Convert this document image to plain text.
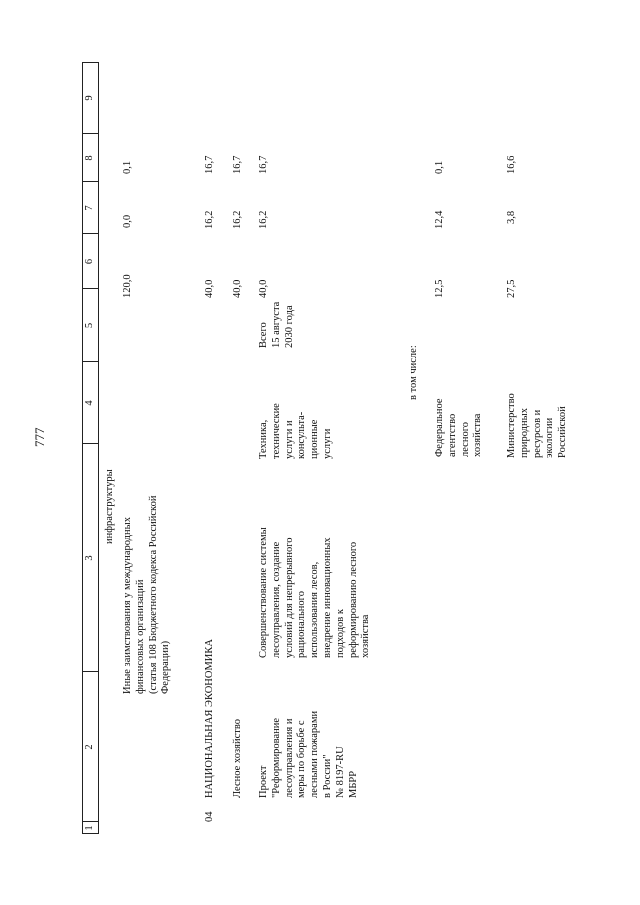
777
1
2
3
4
5
6
7
8
9
инфраструктуры
Иные заимствования у международных
финансовых организаций
(статья 108 Бюджетного кодекса Российской
Федерации)
120,0
0,0
0,1
04
НАЦИОНАЛЬНАЯ ЭКОНОМИКА
40,0
16,2
16,7
Лесное хозяйство
40,0
16,2
16,7
Проект
"Реформирование
лесоуправления и
меры по борьбе с
лесными пожарами
в России"
№ 8197-RU
МБРР
Совершенствование системы
лесоуправления, создание
условий для непрерывного
рационального
использования лесов,
внедрение инновационных
подходов к
реформированию лесного
хозяйства
Техника,
технические
услуги и
консульта-
ционные
услуги
Всего
15 августа
2030 года
40,0
16,2
16,7
в том числе:
Федеральное
агентство
лесного
хозяйства
12,5
12,4
0,1
Министерство
природных
ресурсов и
экологии
Российской
27,5
3,8
16,6
